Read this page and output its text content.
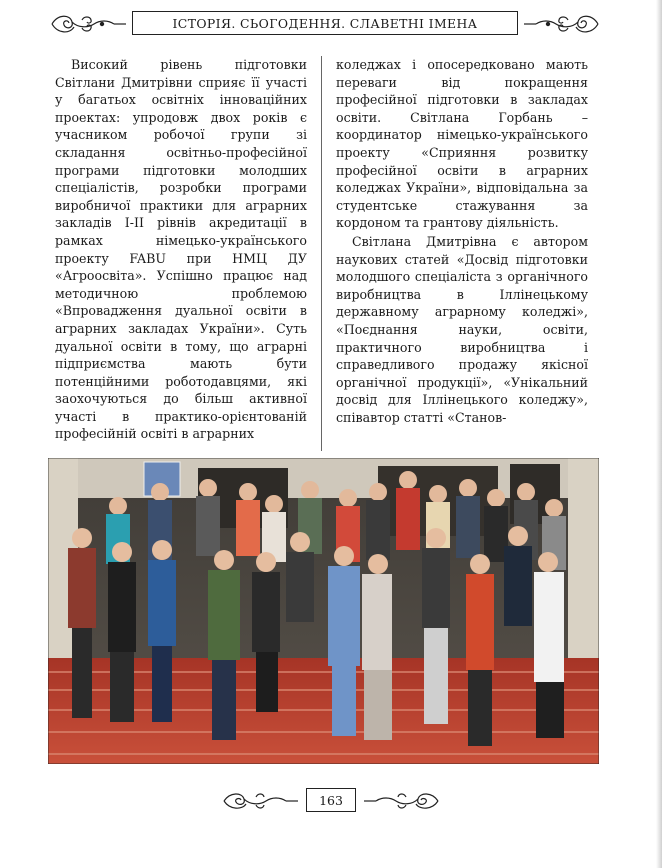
ІСТОРІЯ. СЬОГОДЕННЯ. СЛАВЕТНІ ІМЕНА

Високий рівень підготовки Світлани Дмитрівни сприяє її участі у багатьох освітніх інноваційних проектах: упродовж двох років є учасником робочої групи зі складання освітньо-професійної програми підготовки молодших спеціалістів, розробки програми виробничої практики для аграрних закладів І-ІІ рівнів акредитації в рамках німецько-українського проекту FABU при НМЦ ДУ «Агроосвіта». Успішно працює над методичною проблемою «Впровадження дуальної освіти в аграрних закладах України». Суть дуальної освіти в тому, що аграрні підприємства мають бути потенційними роботодавцями, які заохочуються до більш активної участі в практико-орієнтованій професійній освіті в аграрних

коледжах і опосередковано мають переваги від покращення професійної підготовки в закладах освіти. Світлана Горбань – координатор німецько-українського проекту «Сприяння розвитку професійної освіти в аграрних коледжах України», відповідальна за студентське стажування за кордоном та грантову діяльність.

Світлана Дмитрівна є автором наукових статей «Досвід підготовки молодшого спеціаліста з органічного виробництва в Іллінецькому державному аграрному коледжі», «Поєднання науки, освіти, практичного виробництва і справедливого продажу якісної органічної продукції», «Унікальний досвід для Іллінецького коледжу», співавтор статті «Станов-

163
